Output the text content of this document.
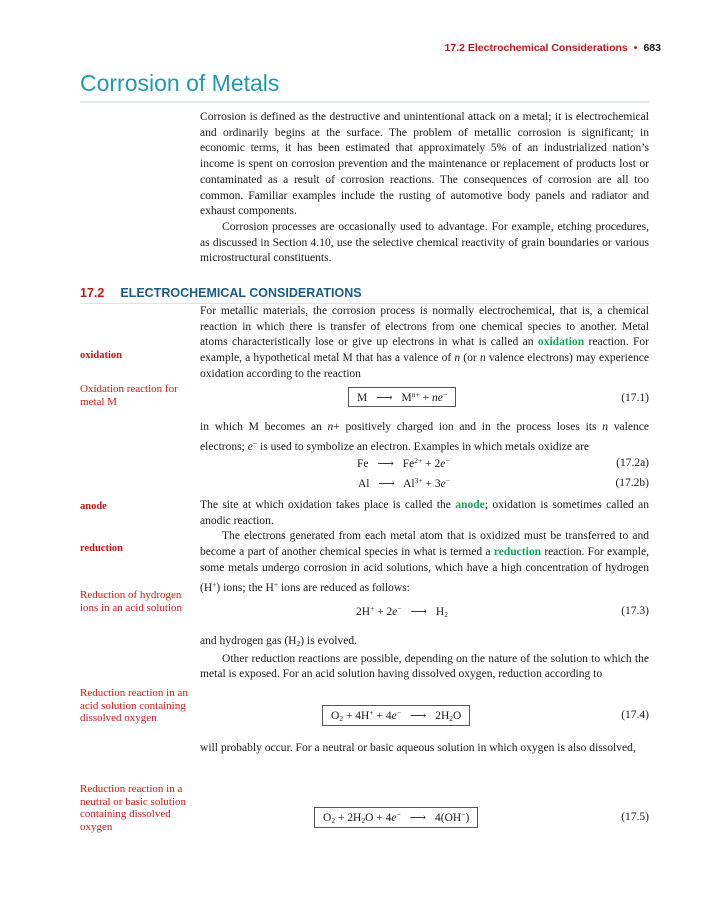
17.2 Electrochemical Considerations • 683
Corrosion of Metals

Corrosion is defined as the destructive and unintentional attack on a metal; it is electrochemical and ordinarily begins at the surface. The problem of metallic corrosion is significant; in economic terms, it has been estimated that approximately 5% of an industrialized nation’s income is spent on corrosion prevention and the maintenance or replacement of products lost or contaminated as a result of corrosion reactions. The consequences of corrosion are all too common. Familiar examples include the rusting of automotive body panels and radiator and exhaust components.

Corrosion processes are occasionally used to advantage. For example, etching procedures, as discussed in Section 4.10, use the selective chemical reactivity of grain boundaries or various microstructural constituents.

17.2 ELECTROCHEMICAL CONSIDERATIONS

For metallic materials, the corrosion process is normally electrochemical, that is, a chemical reaction in which there is transfer of electrons from one chemical species to another. Metal atoms characteristically lose or give up electrons in what is called an oxidation reaction. For example, a hypothetical metal M that has a valence of n (or n valence electrons) may experience oxidation according to the reaction

oxidation
Oxidation reaction for metal M	M ⟶ $M^{n+} + ne^-$	(17.1)

in which M becomes an n+ positively charged ion and in the process loses its n valence electrons; e− is used to symbolize an electron. Examples in which metals oxidize are

Fe ⟶ $Fe^{2+} + 2e^-$	(17.2a)
Al ⟶ $Al^{3+} + 3e^-$	(17.2b)

The site at which oxidation takes place is called the anode; oxidation is sometimes called an anodic reaction.

The electrons generated from each metal atom that is oxidized must be transferred to and become a part of another chemical species in what is termed a reduction reaction. For example, some metals undergo corrosion in acid solutions, which have a high concentration of hydrogen (H+) ions; the H+ ions are reduced as follows:

anode
reduction
Reduction of hydrogen ions in an acid solution	2H+ + 2e− ⟶ $H_2$	(17.3)

and hydrogen gas $(H_2)$ is evolved.

Other reduction reactions are possible, depending on the nature of the solution to which the metal is exposed. For an acid solution having dissolved oxygen, reduction according to

Reduction reaction in an acid solution containing dissolved oxygen	$O_2 + 4H^+ + 4e^-$ ⟶ $2H_2O$	(17.4)

will probably occur. For a neutral or basic aqueous solution in which oxygen is also dissolved,

Reduction reaction in a neutral or basic solution containing dissolved oxygen
$O_2 + 2H_2O + 4e^-$ ⟶ 4(OH−)	(17.5)
